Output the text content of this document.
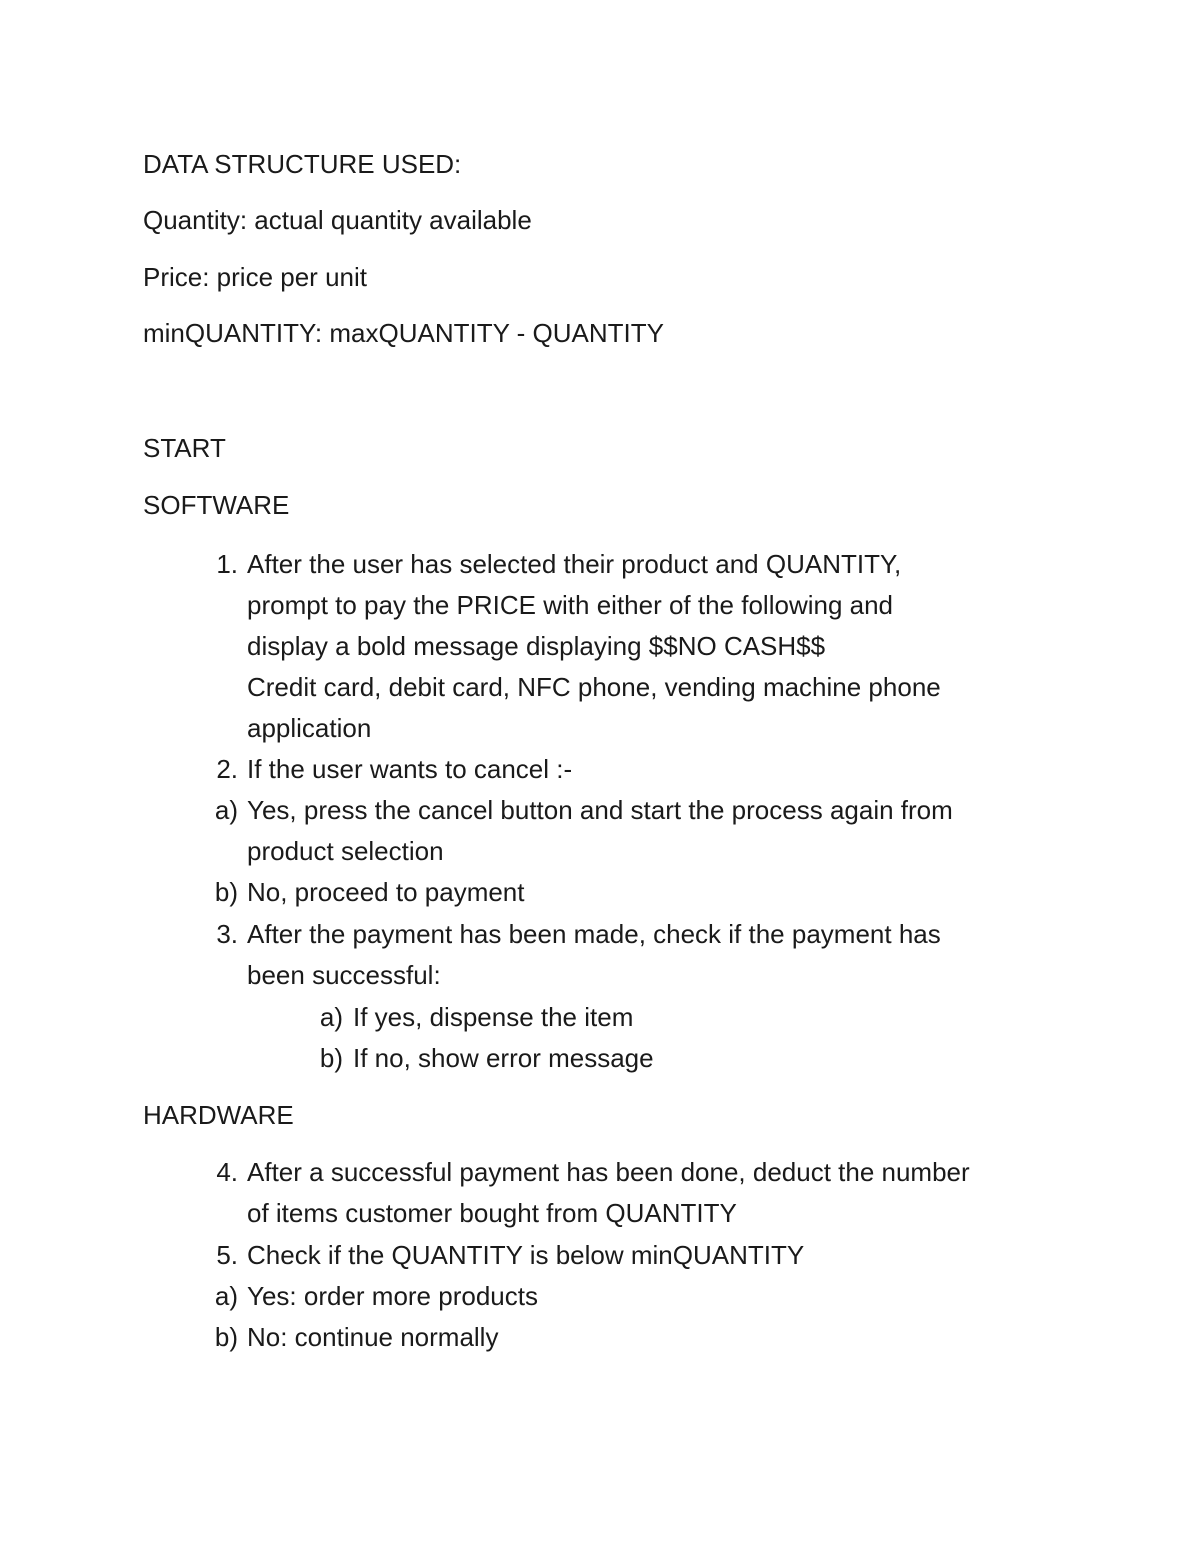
DATA STRUCTURE USED:
Quantity: actual quantity available
Price: price per unit
minQUANTITY: maxQUANTITY - QUANTITY
START
SOFTWARE
1. After the user has selected their product and QUANTITY,
prompt to pay the PRICE with either of the following and
display a bold message displaying $$NO CASH$$
Credit card, debit card, NFC phone, vending machine phone
application
2. If the user wants to cancel :-
a) Yes, press the cancel button and start the process again from
product selection
b) No, proceed to payment
3. After the payment has been made, check if the payment has
been successful:
a) If yes, dispense the item
b) If no, show error message
HARDWARE
4. After a successful payment has been done, deduct the number
of items customer bought from QUANTITY
5. Check if the QUANTITY is below minQUANTITY
a) Yes: order more products
b) No: continue normally
